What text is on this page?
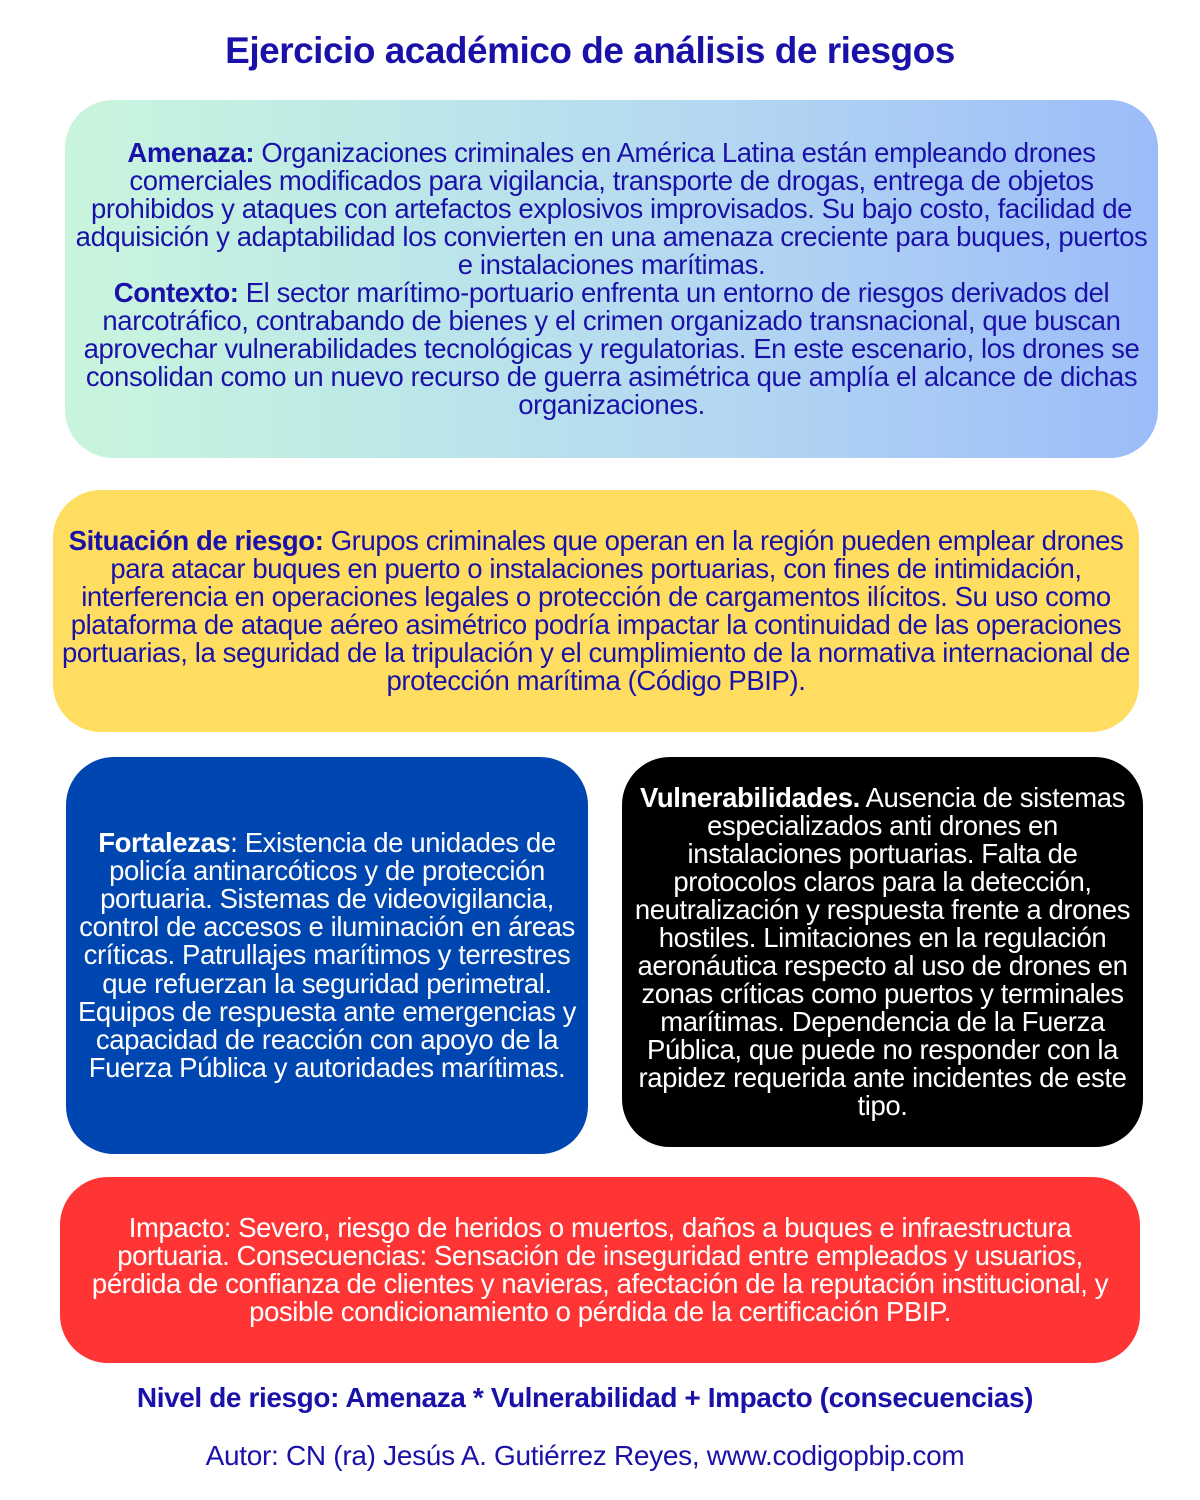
Ejercicio académico de análisis de riesgos

Amenaza: Organizaciones criminales en América Latina están empleando drones comerciales modificados para vigilancia, transporte de drogas, entrega de objetos prohibidos y ataques con artefactos explosivos improvisados. Su bajo costo, facilidad de adquisición y adaptabilidad los convierten en una amenaza creciente para buques, puertos e instalaciones marítimas.
Contexto: El sector marítimo-portuario enfrenta un entorno de riesgos derivados del narcotráfico, contrabando de bienes y el crimen organizado transnacional, que buscan aprovechar vulnerabilidades tecnológicas y regulatorias. En este escenario, los drones se consolidan como un nuevo recurso de guerra asimétrica que amplía el alcance de dichas organizaciones.

Situación de riesgo: Grupos criminales que operan en la región pueden emplear drones para atacar buques en puerto o instalaciones portuarias, con fines de intimidación, interferencia en operaciones legales o protección de cargamentos ilícitos. Su uso como plataforma de ataque aéreo asimétrico podría impactar la continuidad de las operaciones portuarias, la seguridad de la tripulación y el cumplimiento de la normativa internacional de protección marítima (Código PBIP).

Fortalezas: Existencia de unidades de policía antinarcóticos y de protección portuaria. Sistemas de videovigilancia, control de accesos e iluminación en áreas críticas. Patrullajes marítimos y terrestres que refuerzan la seguridad perimetral. Equipos de respuesta ante emergencias y capacidad de reacción con apoyo de la Fuerza Pública y autoridades marítimas.

Vulnerabilidades. Ausencia de sistemas especializados anti drones en instalaciones portuarias. Falta de protocolos claros para la detección, neutralización y respuesta frente a drones hostiles. Limitaciones en la regulación aeronáutica respecto al uso de drones en zonas críticas como puertos y terminales marítimas. Dependencia de la Fuerza Pública, que puede no responder con la rapidez requerida ante incidentes de este tipo.

Impacto: Severo, riesgo de heridos o muertos, daños a buques e infraestructura portuaria. Consecuencias: Sensación de inseguridad entre empleados y usuarios, pérdida de confianza de clientes y navieras, afectación de la reputación institucional, y posible condicionamiento o pérdida de la certificación PBIP.

Nivel de riesgo: Amenaza * Vulnerabilidad + Impacto (consecuencias)
Autor: CN (ra) Jesús A. Gutiérrez Reyes, www.codigopbip.com
